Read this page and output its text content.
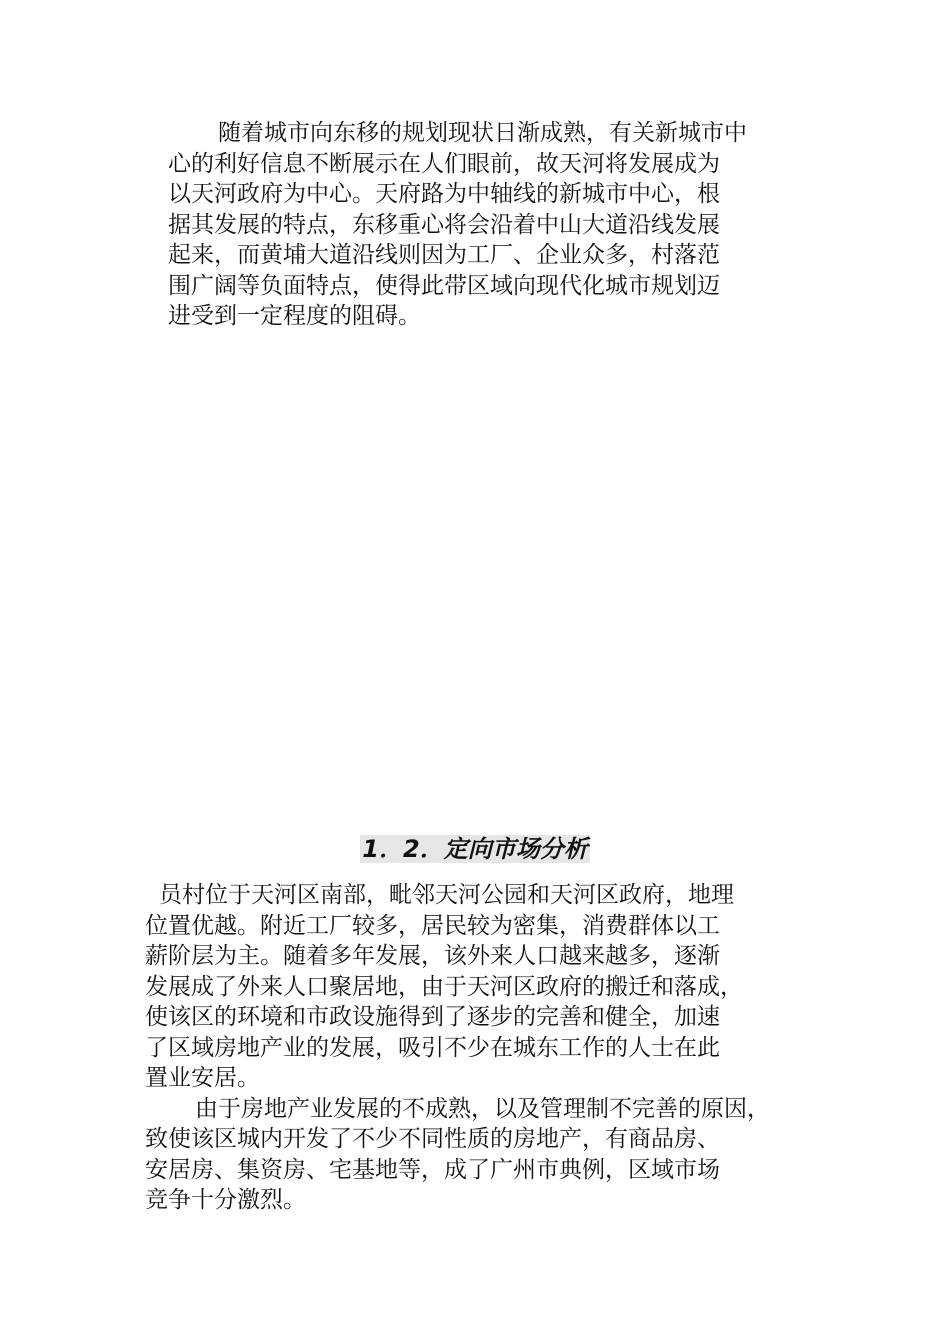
随着城市向东移的规划现状日渐成熟，有关新城市中
心的利好信息不断展示在人们眼前，故天河将发展成为
以天河政府为中心。天府路为中轴线的新城市中心，根
据其发展的特点，东移重心将会沿着中山大道沿线发展
起来，而黄埔大道沿线则因为工厂、企业众多，村落范
围广阔等负面特点，使得此带区域向现代化城市规划迈
进受到一定程度的阻碍。
1．2．定向市场分析
员村位于天河区南部，毗邻天河公园和天河区政府，地理
位置优越。附近工厂较多，居民较为密集，消费群体以工
薪阶层为主。随着多年发展，该外来人口越来越多，逐渐
发展成了外来人口聚居地，由于天河区政府的搬迁和落成，
使该区的环境和市政设施得到了逐步的完善和健全，加速
了区域房地产业的发展，吸引不少在城东工作的人士在此
置业安居。
由于房地产业发展的不成熟，以及管理制不完善的原因，
致使该区城内开发了不少不同性质的房地产，有商品房、
安居房、集资房、宅基地等，成了广州市典例，区域市场
竞争十分激烈。
